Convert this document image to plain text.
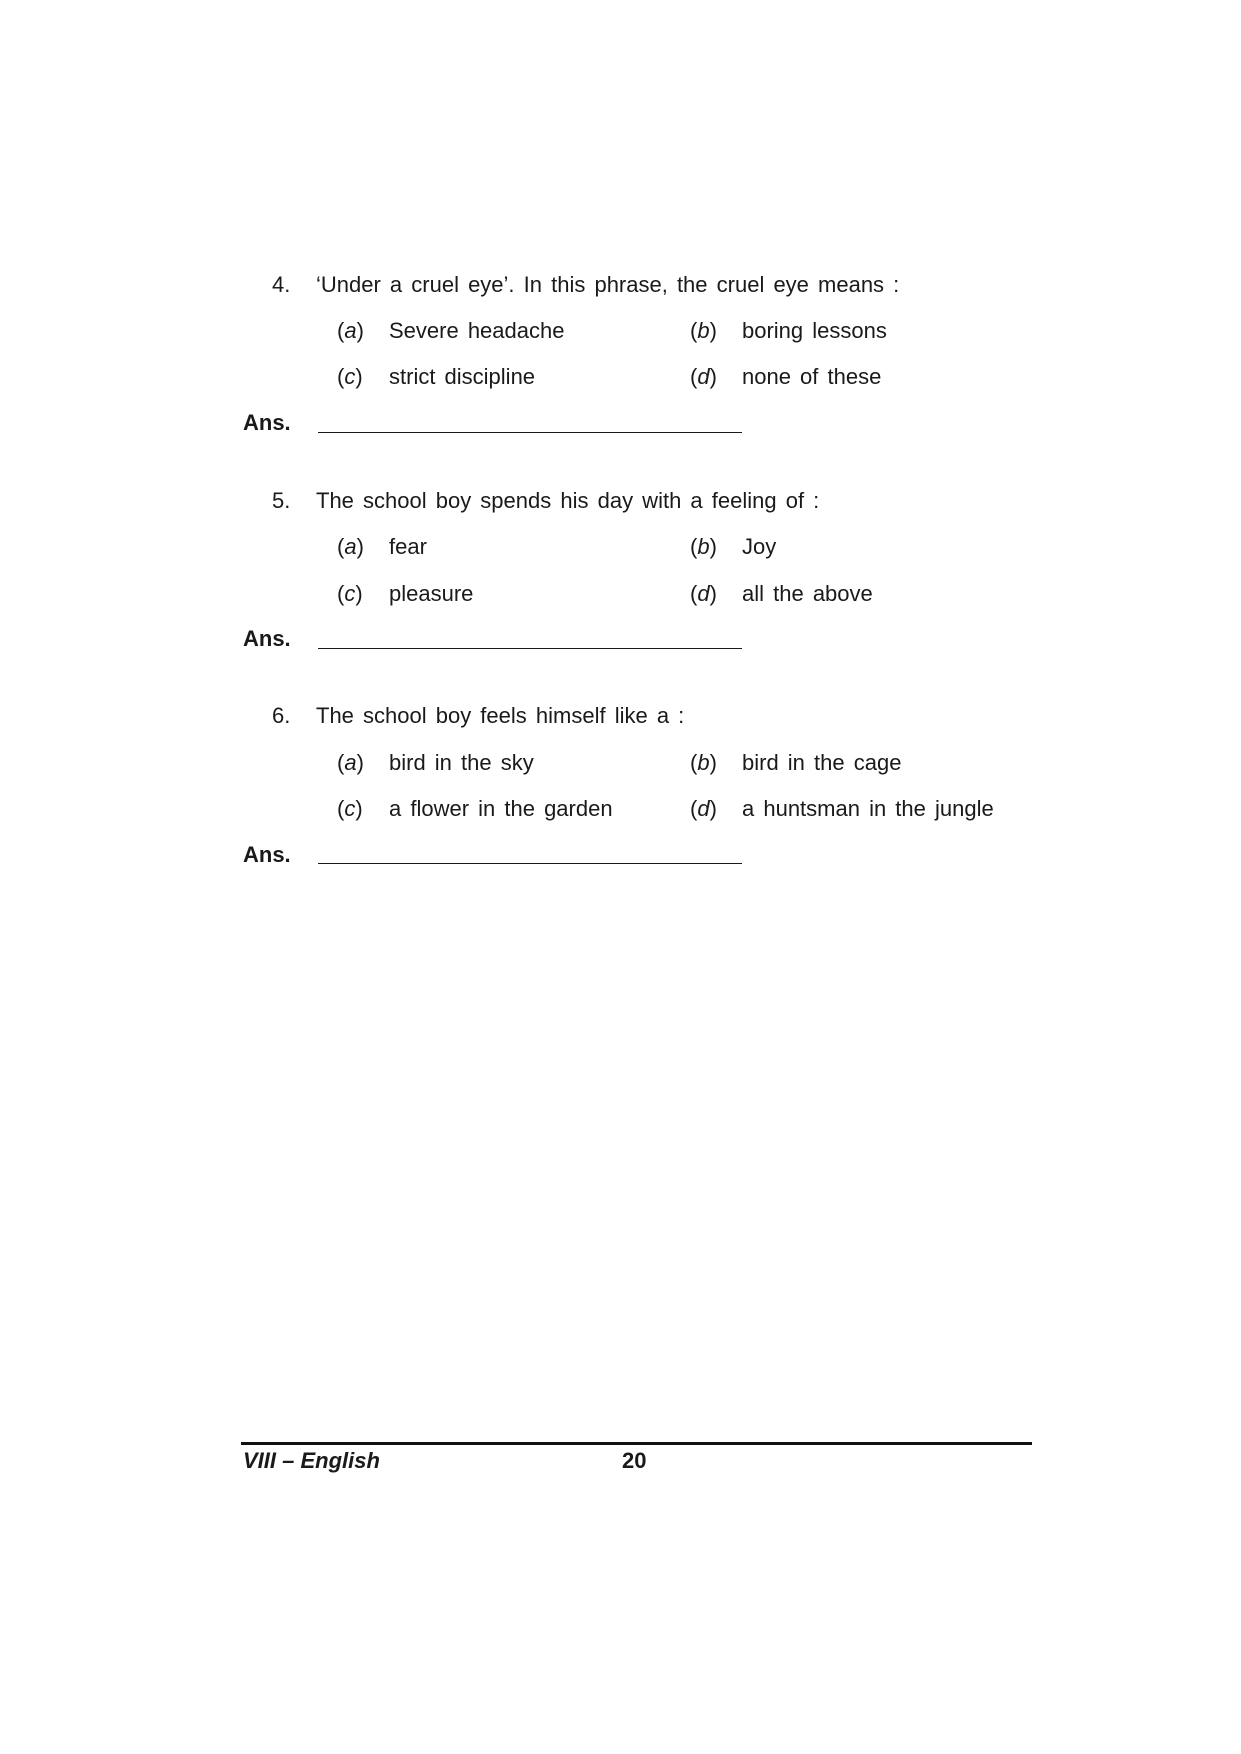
4. ‘Under a cruel eye’. In this phrase, the cruel eye means :
(a) Severe headache	(b) boring lessons
(c) strict discipline	(d) none of these
Ans.
5. The school boy spends his day with a feeling of :
(a) fear	(b) Joy
(c) pleasure	(d) all the above
Ans.
6. The school boy feels himself like a :
(a) bird in the sky	(b) bird in the cage
(c) a flower in the garden	(d) a huntsman in the jungle
Ans.
VIII – English	20
